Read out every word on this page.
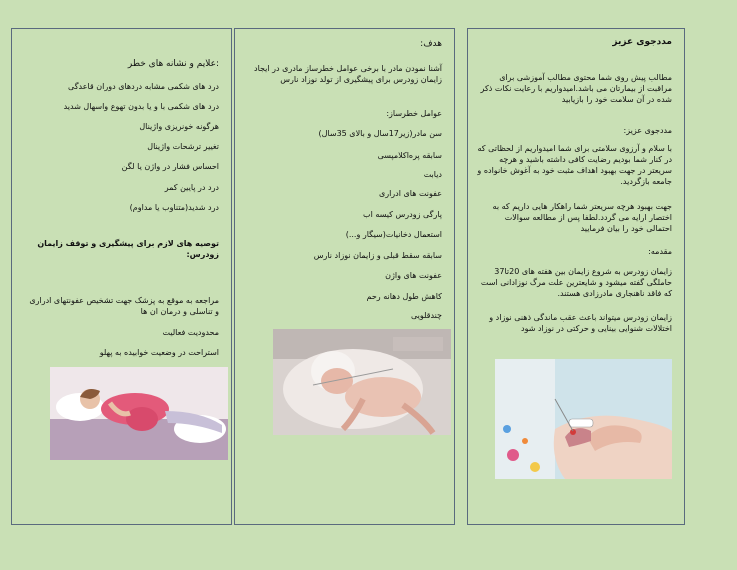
مددجوی عزیز
مطالب پیش روی شما محتوی مطالب آموزشی برای مراقبت از بیمارتان می باشد.امیدواریم با رعایت نکات ذکر شده در آن سلامت خود را بازیابید
مددجوی عزیز:
با سلام و آرزوی سلامتی برای شما امیدواریم از لحظاتی که در کنار شما بودیم رضایت کافی داشته باشید و هرچه سریعتر در جهت بهبود اهداف مثبت خود به آغوش خانواده و جامعه بازگردید.
جهت بهبود هرچه سریعتر شما راهکار هایی داریم که به اختصار ارایه می گردد.لطفا پس از مطالعه سوالات احتمالی خود را بیان فرمایید
مقدمه:
زایمان زودرس به شروع زایمان بین هفته های 20تا37 حاملگی گفته میشود و شایعترین علت مرگ نوزادانی است که فاقد ناهنجاری مادرزادی هستند.
زایمان زودرس میتواند باعث عقب ماندگی ذهنی نوزاد و اختلالات شنوایی بینایی و حرکتی در نوزاد شود
هدف:
آشنا نمودن مادر با برخی عوامل خطرساز مادری در ایجاد زایمان زودرس برای پیشگیری از تولد نوزاد نارس
عوامل خطرساز:
سن مادر(زیر17سال و بالای 35سال)
سابقه پره‌اکلامپسی
دیابت
عفونت های ادراری
پارگی زودرس کیسه اب
استعمال دخانیات(سیگار و...)
سابقه سقط قبلی و زایمان نوزاد نارس
عفونت های واژن
کاهش طول دهانه رحم
چندقلویی
:علایم و نشانه های خطر
درد های شکمی مشابه دردهای دوران قاعدگی
درد های شکمی با و یا بدون تهوع واسهال شدید
هرگونه خونریزی واژینال
تغییر ترشحات واژینال
احساس فشار در واژن یا لگن
درد در پایین کمر
درد شدید(متناوب یا مداوم)
توصیه های لازم برای پیشگیری و توقف زایمان زودرس:
مراجعه به موقع به پزشک جهت تشخیص عفونتهای ادراری و تناسلی و درمان ان ها
محدودیت فعالیت
استراحت در وضعیت خوابیده به پهلو
